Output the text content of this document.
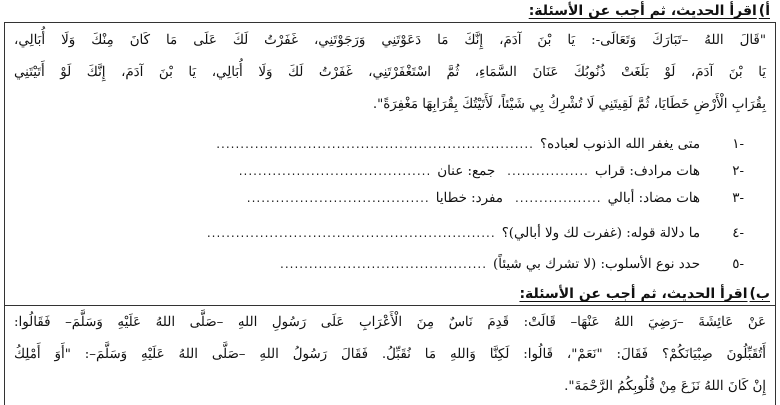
أ)
اقرأ الحديث، ثم أجب عن الأسئلة:

"قَالَ اللهُ –تَبَارَكَ وَتَعَالَى-: يَا بْنَ آدَمَ، إِنَّكَ مَا دَعَوْتَنِي وَرَجَوْتَنِي، غَفَرْتُ لَكَ عَلَى مَا كَانَ مِنْكَ وَلَا أُبَالِي،

يَا بْنَ آدَمَ، لَوْ بَلَغَتْ ذُنُوبُكَ عَنَانَ السَّمَاءِ، ثُمَّ اسْتَغْفَرْتَنِي، غَفَرْتُ لَكَ وَلَا أُبَالِي، يَا بْنَ آدَمَ، إِنَّكَ لَوْ أَتَيْتَنِي

بِقُرَابِ الْأَرْضِ خَطَايَا، ثُمَّ لَقِيتَنِي لَا تُشْرِكُ بِي شَيْئاً، لَأَتَيْتُكَ بِقُرَابِهَا مَغْفِرَةً".

١-
متى يغفر الله الذنوب لعباده؟
..................................................................
٢-
هات مرادف: قراب
.................
جمع: عنان
........................................
٣-
هات مضاد: أبالي
..................
مفرد: خطايا
......................................
٤-
ما دلالة قوله: (غفرت لك ولا أبالي)؟
............................................................
٥-
حدد نوع الأسلوب: (لا تشرك بي شيئاً)
...........................................
ب)
اقرأ الحديث، ثم أجب عن الأسئلة:

عَنْ عَائِشَةَ –رَضِيَ اللهُ عَنْهَا– قَالَتْ: قَدِمَ نَاسٌ مِنَ الْأَعْرَابِ عَلَى رَسُولِ اللهِ –صَلَّى اللهُ عَلَيْهِ وَسَلَّمَ– فَقَالُوا:

أَتُقَبِّلُونَ صِبْيَانَكُمْ؟ فَقَالَ: "نَعَمْ"، قَالُوا: لَكِنَّا وَاللهِ مَا نُقَبِّلُ. فَقَالَ رَسُولُ اللهِ –صَلَّى اللهُ عَلَيْهِ وَسَلَّمَ–: "أَوَ أَمْلِكُ

إِنْ كَانَ اللهُ نَزَعَ مِنْ قُلُوبِكُمُ الرَّحْمَةَ".
